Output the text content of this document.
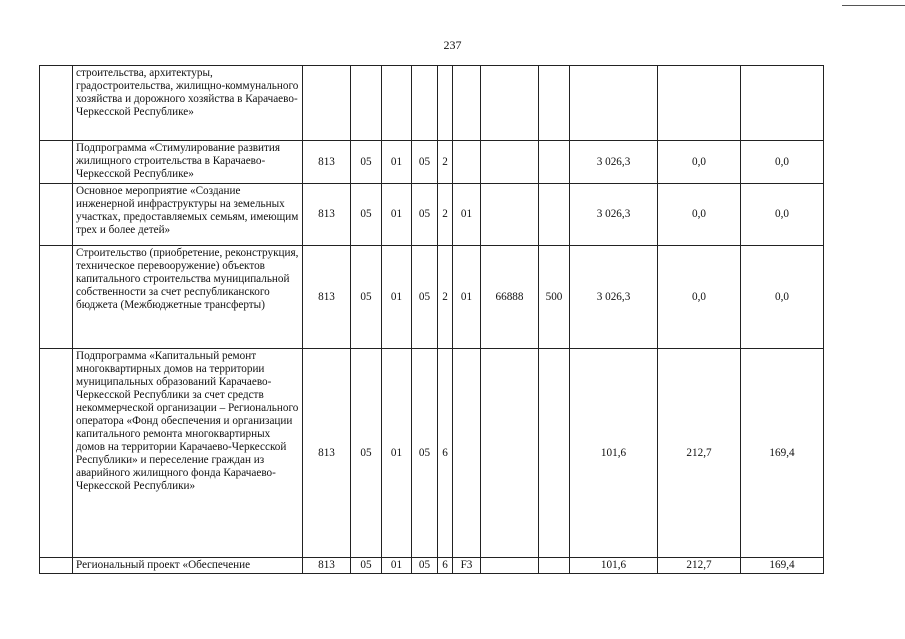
237
	строительства, архитектуры, градостроительства, жилищно-коммунального хозяйства и дорожного хозяйства в Карачаево-Черкесской Республике»											
	Подпрограмма «Стимулирование развития жилищного строительства в Карачаево-Черкесской Республике»	813	05	01	05	2				3 026,3	0,0	0,0
	Основное мероприятие «Создание инженерной инфраструктуры на земельных участках, предоставляемых семьям, имеющим трех и более детей»	813	05	01	05	2	01			3 026,3	0,0	0,0
	Строительство (приобретение, реконструкция, техническое перевооружение) объектов капитального строительства муниципальной собственности за счет республиканского бюджета (Межбюджетные трансферты)	813	05	01	05	2	01	66888	500	3 026,3	0,0	0,0
	Подпрограмма «Капитальный ремонт многоквартирных домов на территории муниципальных образований Карачаево-Черкесской Республики за счет средств некоммерческой организации – Регионального оператора «Фонд обеспечения и организации капитального ремонта многоквартирных домов на территории Карачаево-Черкесской Республики» и переселение граждан из аварийного жилищного фонда Карачаево-Черкесской Республики»	813	05	01	05	6				101,6	212,7	169,4
	Региональный проект «Обеспечение	813	05	01	05	6	F3			101,6	212,7	169,4
